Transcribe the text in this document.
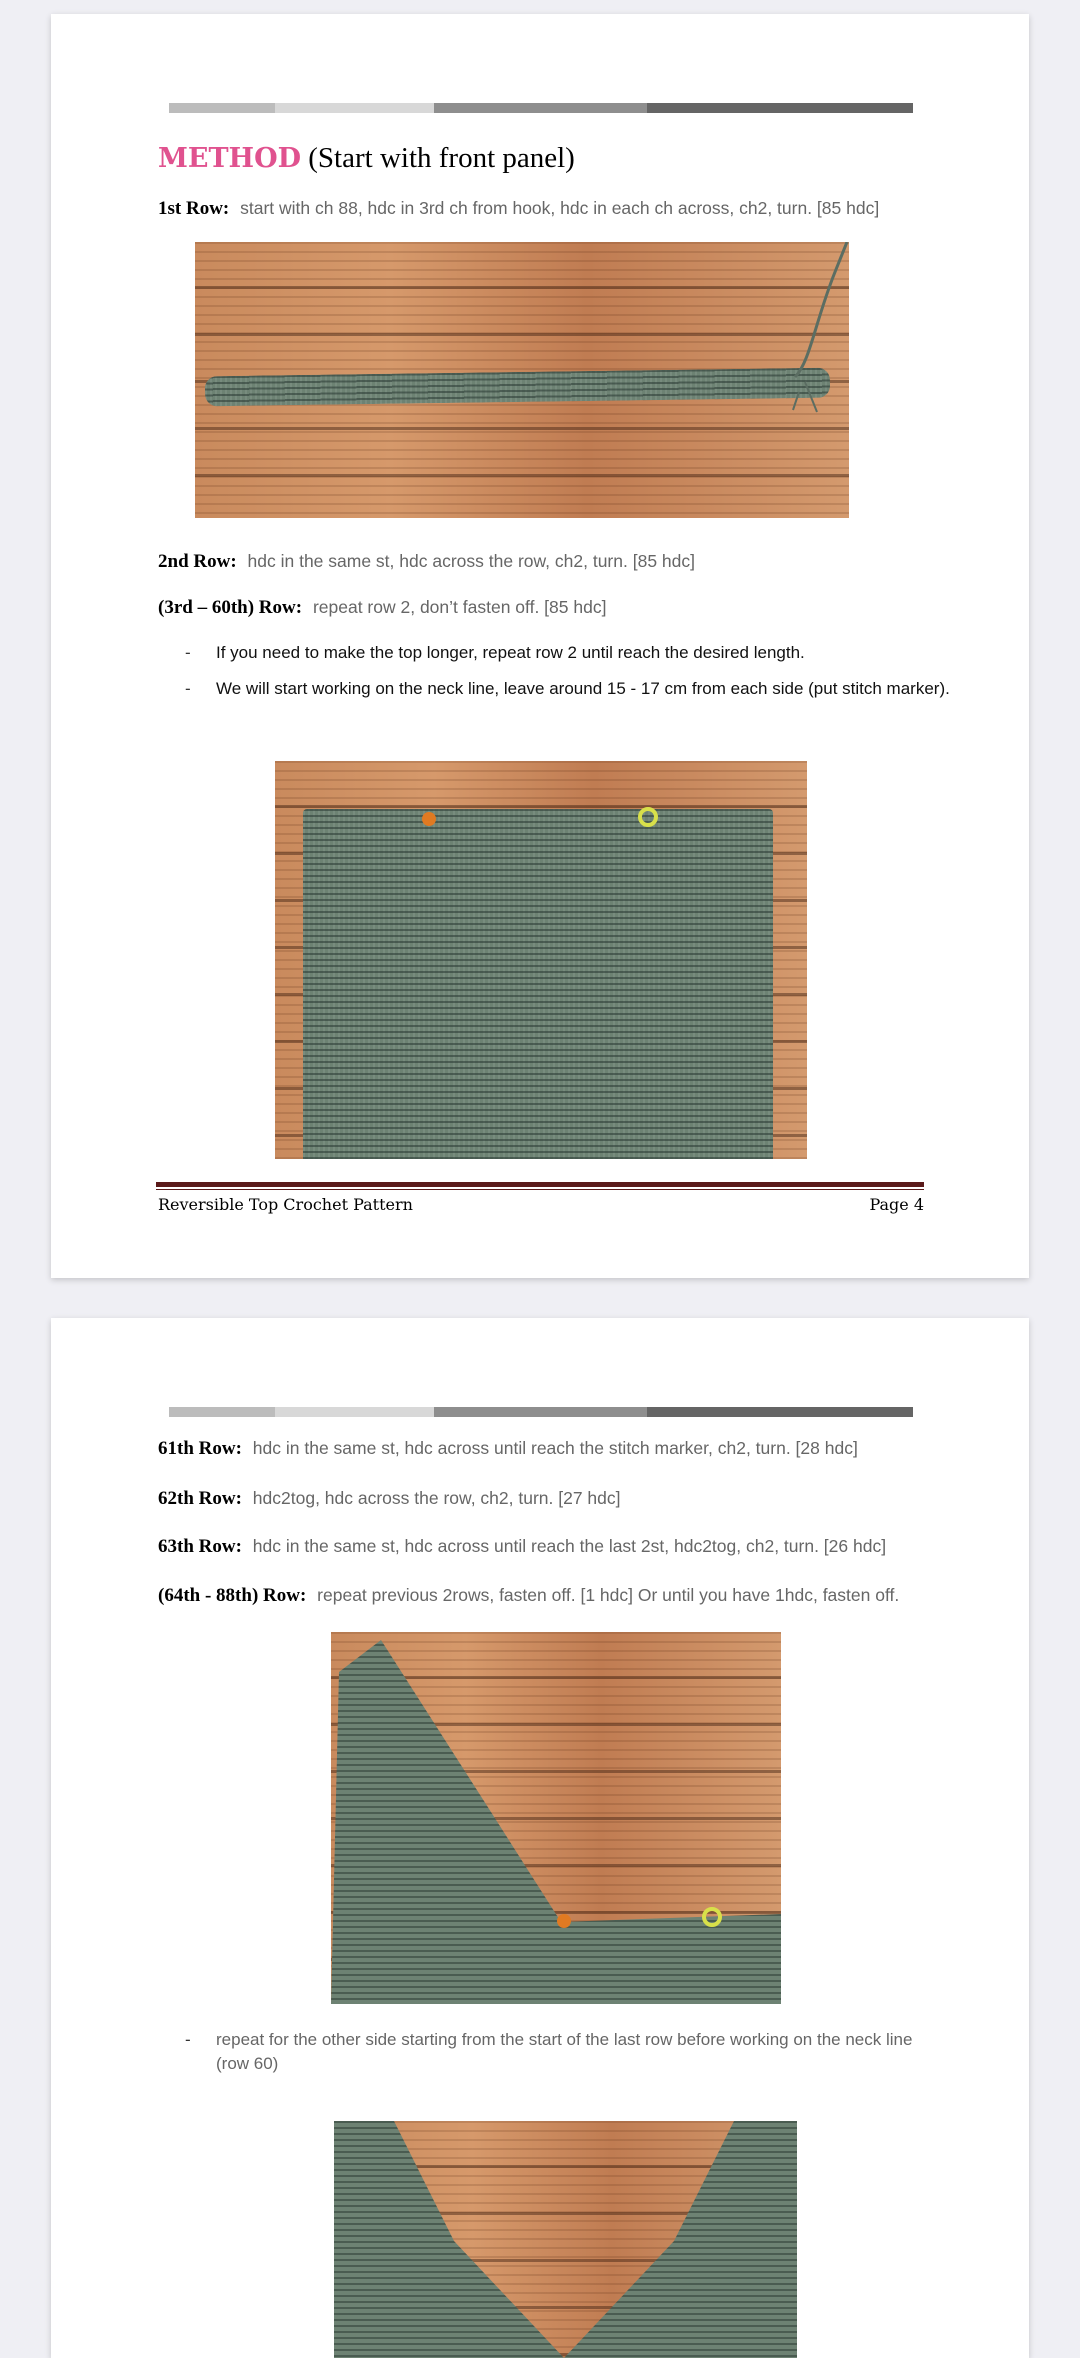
METHOD (Start with front panel)
1st Row: start with ch 88, hdc in 3rd ch from hook, hdc in each ch across, ch2, turn. [85 hdc]
2nd Row: hdc in the same st, hdc across the row, ch2, turn. [85 hdc]
(3rd – 60th) Row: repeat row 2, don’t fasten off. [85 hdc]
- If you need to make the top longer, repeat row 2 until reach the desired length.
- We will start working on the neck line, leave around 15 - 17 cm from each side (put stitch marker).
Reversible Top Crochet Pattern	Page 4
61th Row: hdc in the same st, hdc across until reach the stitch marker, ch2, turn. [28 hdc]
62th Row: hdc2tog, hdc across the row, ch2, turn. [27 hdc]
63th Row: hdc in the same st, hdc across until reach the last 2st, hdc2tog, ch2, turn. [26 hdc]
(64th - 88th) Row: repeat previous 2rows, fasten off. [1 hdc] Or until you have 1hdc, fasten off.
- repeat for the other side starting from the start of the last row before working on the neck line (row 60)
